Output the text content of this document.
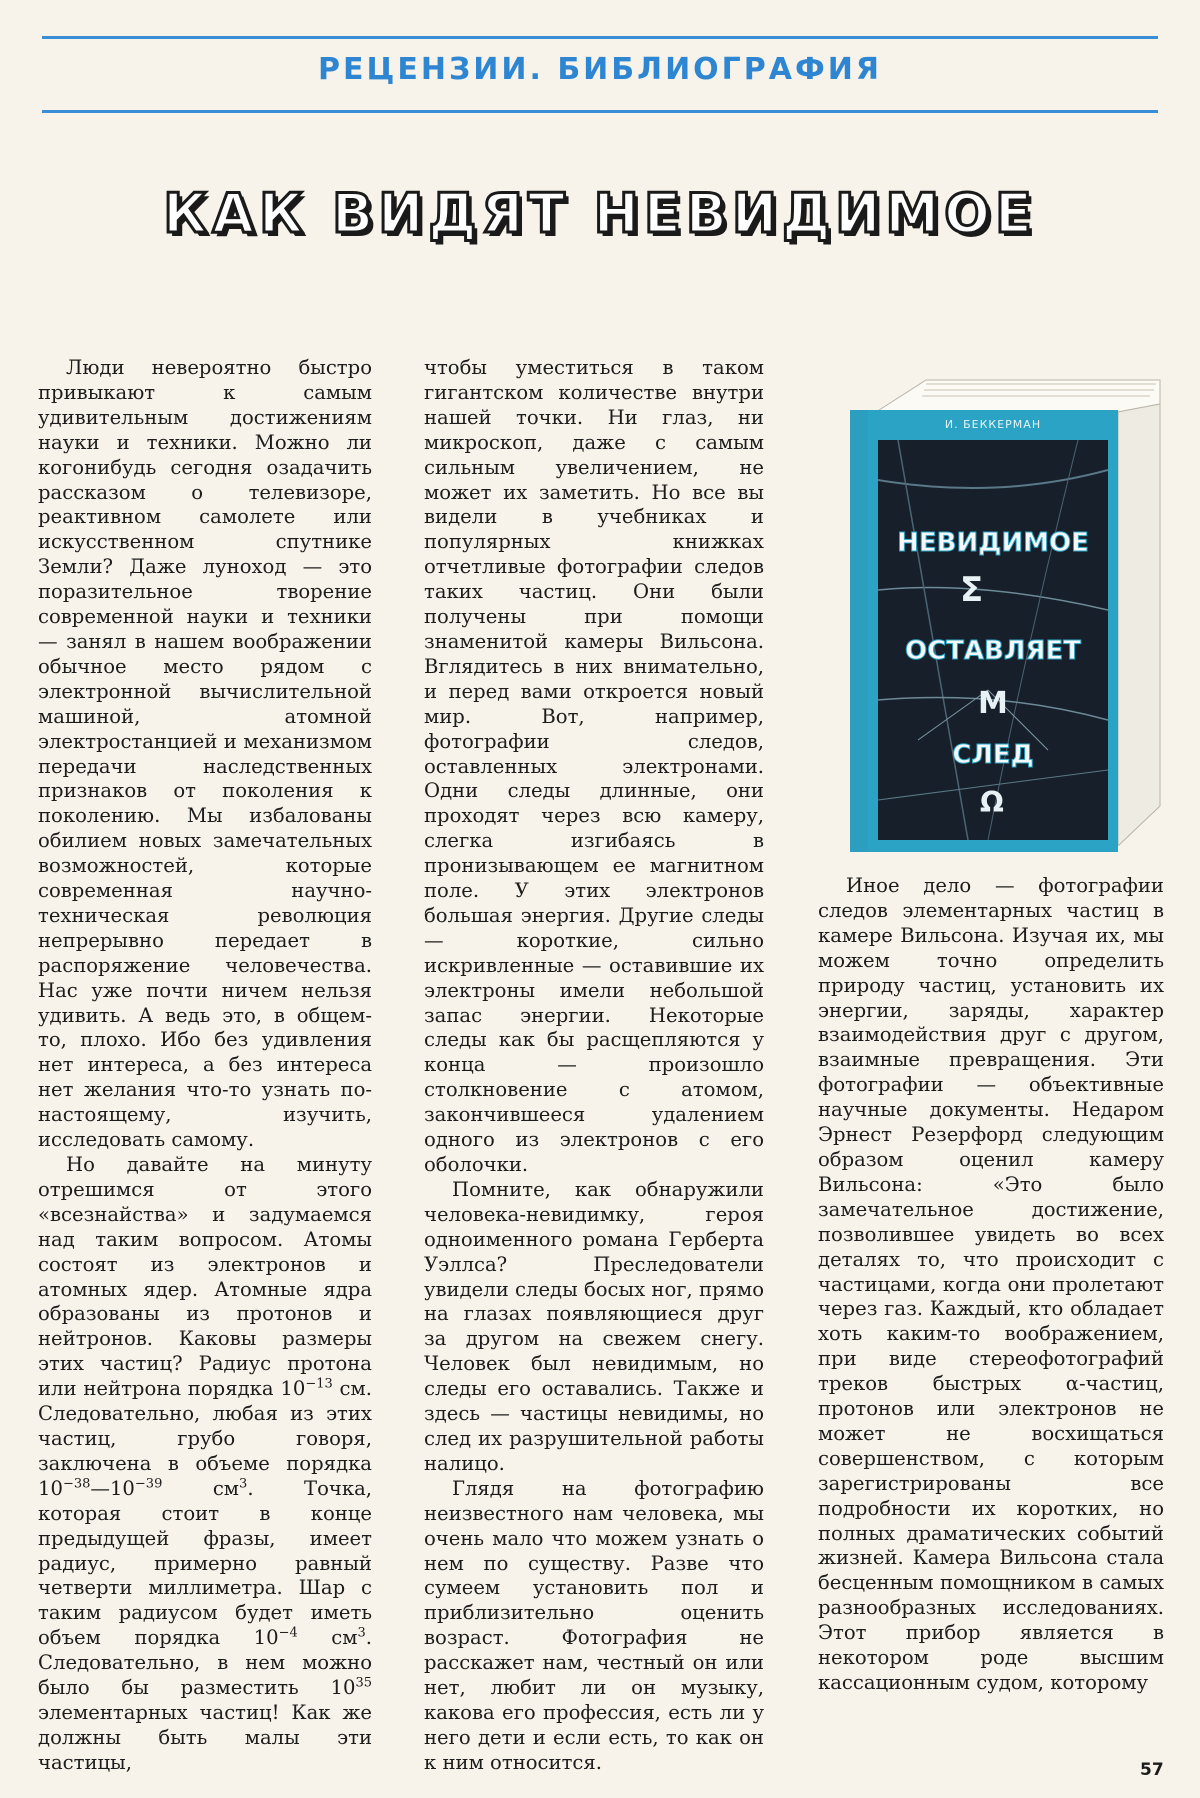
РЕЦЕНЗИИ. БИБЛИОГРАФИЯ
КАК ВИДЯТ НЕВИДИМОЕ

Люди невероятно быстро привыкают к самым удивительным достижениям науки и техники. Можно ли когонибудь сегодня озадачить рассказом о телевизоре, реактивном самолете или искусственном спутнике Земли? Даже луноход — это поразительное творение современной науки и техники — занял в нашем воображении обычное место рядом с электронной вычислительной машиной, атомной электростанцией и механизмом передачи наследственных признаков от поколения к поколению. Мы избалованы обилием новых замечательных возможностей, которые современная научно-техническая революция непрерывно передает в распоряжение человечества. Нас уже почти ничем нельзя удивить. А ведь это, в общем-то, плохо. Ибо без удивления нет интереса, а без интереса нет желания что-то узнать по-настоящему, изучить, исследовать самому.

Но давайте на минуту отрешимся от этого «всезнайства» и задумаемся над таким вопросом. Атомы состоят из электронов и атомных ядер. Атомные ядра образованы из протонов и нейтронов. Каковы размеры этих частиц? Радиус протона или нейтрона порядка $10^{-13}$ см. Следовательно, любая из этих частиц, грубо говоря, заключена в объеме порядка $10^{-38}—10^{-39}$ $см^3$. Точка, которая стоит в конце предыдущей фразы, имеет радиус, примерно равный четверти миллиметра. Шар с таким радиусом будет иметь объем порядка $10^{-4}$ $см^3$. Следовательно, в нем можно было бы разместить $10^{35}$ элементарных частиц! Как же должны быть малы эти частицы,

чтобы уместиться в таком гигантском количестве внутри нашей точки. Ни глаз, ни микроскоп, даже с самым сильным увеличением, не может их заметить. Но все вы видели в учебниках и популярных книжках отчетливые фотографии следов таких частиц. Они были получены при помощи знаменитой камеры Вильсона. Вглядитесь в них внимательно, и перед вами откроется новый мир. Вот, например, фотографии следов, оставленных электронами. Одни следы длинные, они проходят через всю камеру, слегка изгибаясь в пронизывающем ее магнитном поле. У этих электронов большая энергия. Другие следы — короткие, сильно искривленные — оставившие их электроны имели небольшой запас энергии. Некоторые следы как бы расщепляются у конца — произошло столкновение с атомом, закончившееся удалением одного из электронов с его оболочки.

Помните, как обнаружили человека-невидимку, героя одноименного романа Герберта Уэллса? Преследователи увидели следы босых ног, прямо на глазах появляющиеся друг за другом на свежем снегу. Человек был невидимым, но следы его оставались. Также и здесь — частицы невидимы, но след их разрушительной работы налицо.

Глядя на фотографию неизвестного нам человека, мы очень мало что можем узнать о нем по существу. Разве что сумеем установить пол и приблизительно оценить возраст. Фотография не расскажет нам, честный он или нет, любит ли он музыку, какова его профессия, есть ли у него дети и если есть, то как он к ним относится.

И. БЕККЕРМАН
НЕВИДИМОЕ
Σ
ОСТАВЛЯЕТ
M
СЛЕД
Ω

Иное дело — фотографии следов элементарных частиц в камере Вильсона. Изучая их, мы можем точно определить природу частиц, установить их энергии, заряды, характер взаимодействия друг с другом, взаимные превращения. Эти фотографии — объективные научные документы. Недаром Эрнест Резерфорд следующим образом оценил камеру Вильсона: «Это было замечательное достижение, позволившее увидеть во всех деталях то, что происходит с частицами, когда они пролетают через газ. Каждый, кто обладает хоть каким-то воображением, при виде стереофотографий треков быстрых α-частиц, протонов или электронов не может не восхищаться совершенством, с которым зарегистрированы все подробности их коротких, но полных драматических событий жизней. Камера Вильсона стала бесценным помощником в самых разнообразных исследованиях. Этот прибор является в некотором роде высшим кассационным судом, которому

57
